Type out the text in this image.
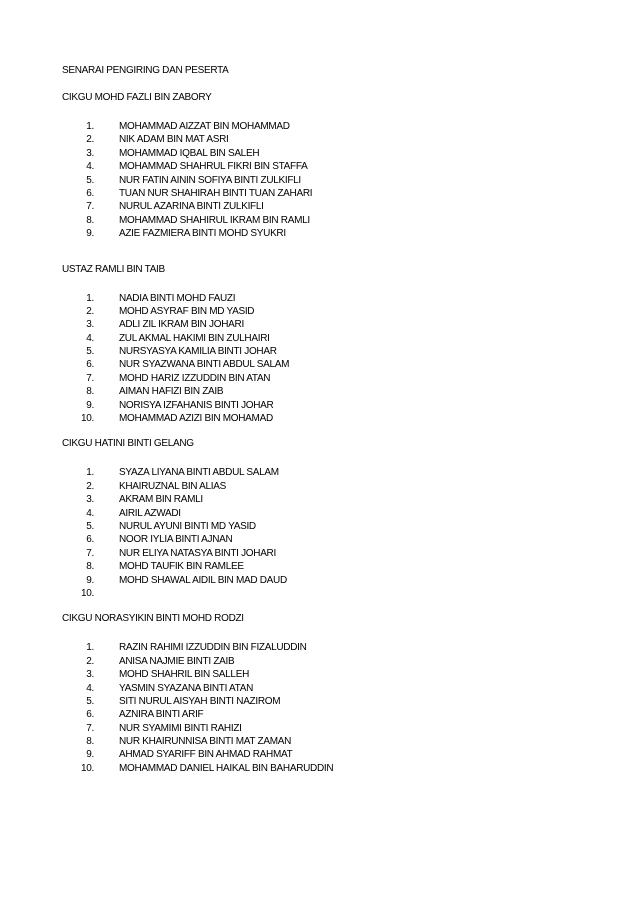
SENARAI PENGIRING DAN PESERTA
CIKGU MOHD FAZLI BIN ZABORY
1.	MOHAMMAD AIZZAT BIN MOHAMMAD
2.	NIK ADAM BIN MAT ASRI
3.	MOHAMMAD IQBAL BIN SALEH
4.	MOHAMMAD SHAHRUL FIKRI BIN STAFFA
5.	NUR FATIN AININ SOFIYA BINTI ZULKIFLI
6.	TUAN NUR SHAHIRAH BINTI TUAN ZAHARI
7.	NURUL AZARINA BINTI ZULKIFLI
8.	MOHAMMAD SHAHIRUL IKRAM BIN RAMLI
9.	AZIE FAZMIERA BINTI MOHD SYUKRI
USTAZ RAMLI BIN TAIB
1.	NADIA BINTI MOHD FAUZI
2.	MOHD ASYRAF BIN MD YASID
3.	ADLI ZIL IKRAM BIN JOHARI
4.	ZUL AKMAL HAKIMI BIN ZULHAIRI
5.	NURSYASYA KAMILIA BINTI JOHAR
6.	NUR SYAZWANA BINTI ABDUL SALAM
7.	MOHD HARIZ IZZUDDIN BIN ATAN
8.	AIMAN HAFIZI BIN ZAIB
9.	NORISYA IZFAHANIS BINTI JOHAR
10.	MOHAMMAD AZIZI BIN MOHAMAD
CIKGU HATINI BINTI GELANG
1.	SYAZA LIYANA BINTI ABDUL SALAM
2.	KHAIRUZNAL BIN ALIAS
3.	AKRAM BIN RAMLI
4.	AIRIL AZWADI
5.	NURUL AYUNI BINTI MD YASID
6.	NOOR IYLIA BINTI AJNAN
7.	NUR ELIYA NATASYA BINTI JOHARI
8.	MOHD TAUFIK BIN RAMLEE
9.	MOHD SHAWAL AIDIL BIN MAD DAUD
10.
CIKGU NORASYIKIN BINTI MOHD RODZI
1.	RAZIN RAHIMI IZZUDDIN BIN FIZALUDDIN
2.	ANISA NAJMIE BINTI ZAIB
3.	MOHD SHAHRIL BIN SALLEH
4.	YASMIN SYAZANA BINTI ATAN
5.	SITI NURUL AISYAH BINTI NAZIROM
6.	AZNIRA BINTI ARIF
7.	NUR SYAMIMI BINTI RAHIZI
8.	NUR KHAIRUNNISA BINTI MAT ZAMAN
9.	AHMAD SYARIFF BIN AHMAD RAHMAT
10.	MOHAMMAD DANIEL HAIKAL BIN BAHARUDDIN
